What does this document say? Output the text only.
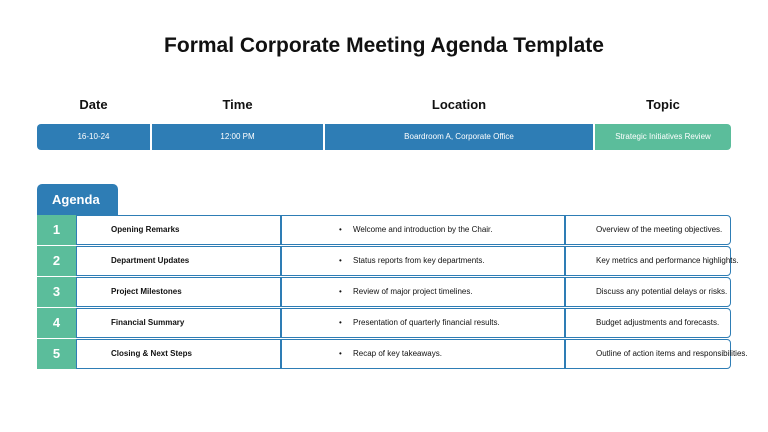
Formal Corporate Meeting Agenda Template
Date	Time	Location	Topic
16-10-24	12:00 PM	Boardroom A, Corporate Office	Strategic Initiatives Review
Agenda
1	Opening Remarks	• Welcome and introduction by the Chair.	Overview of the meeting objectives.
2	Department Updates	• Status reports from key departments.	Key metrics and performance highlights.
3	Project Milestones	• Review of major project timelines.	Discuss any potential delays or risks.
4	Financial Summary	• Presentation of quarterly financial results.	Budget adjustments and forecasts.
5	Closing & Next Steps	• Recap of key takeaways.	Outline of action items and responsibilities.
